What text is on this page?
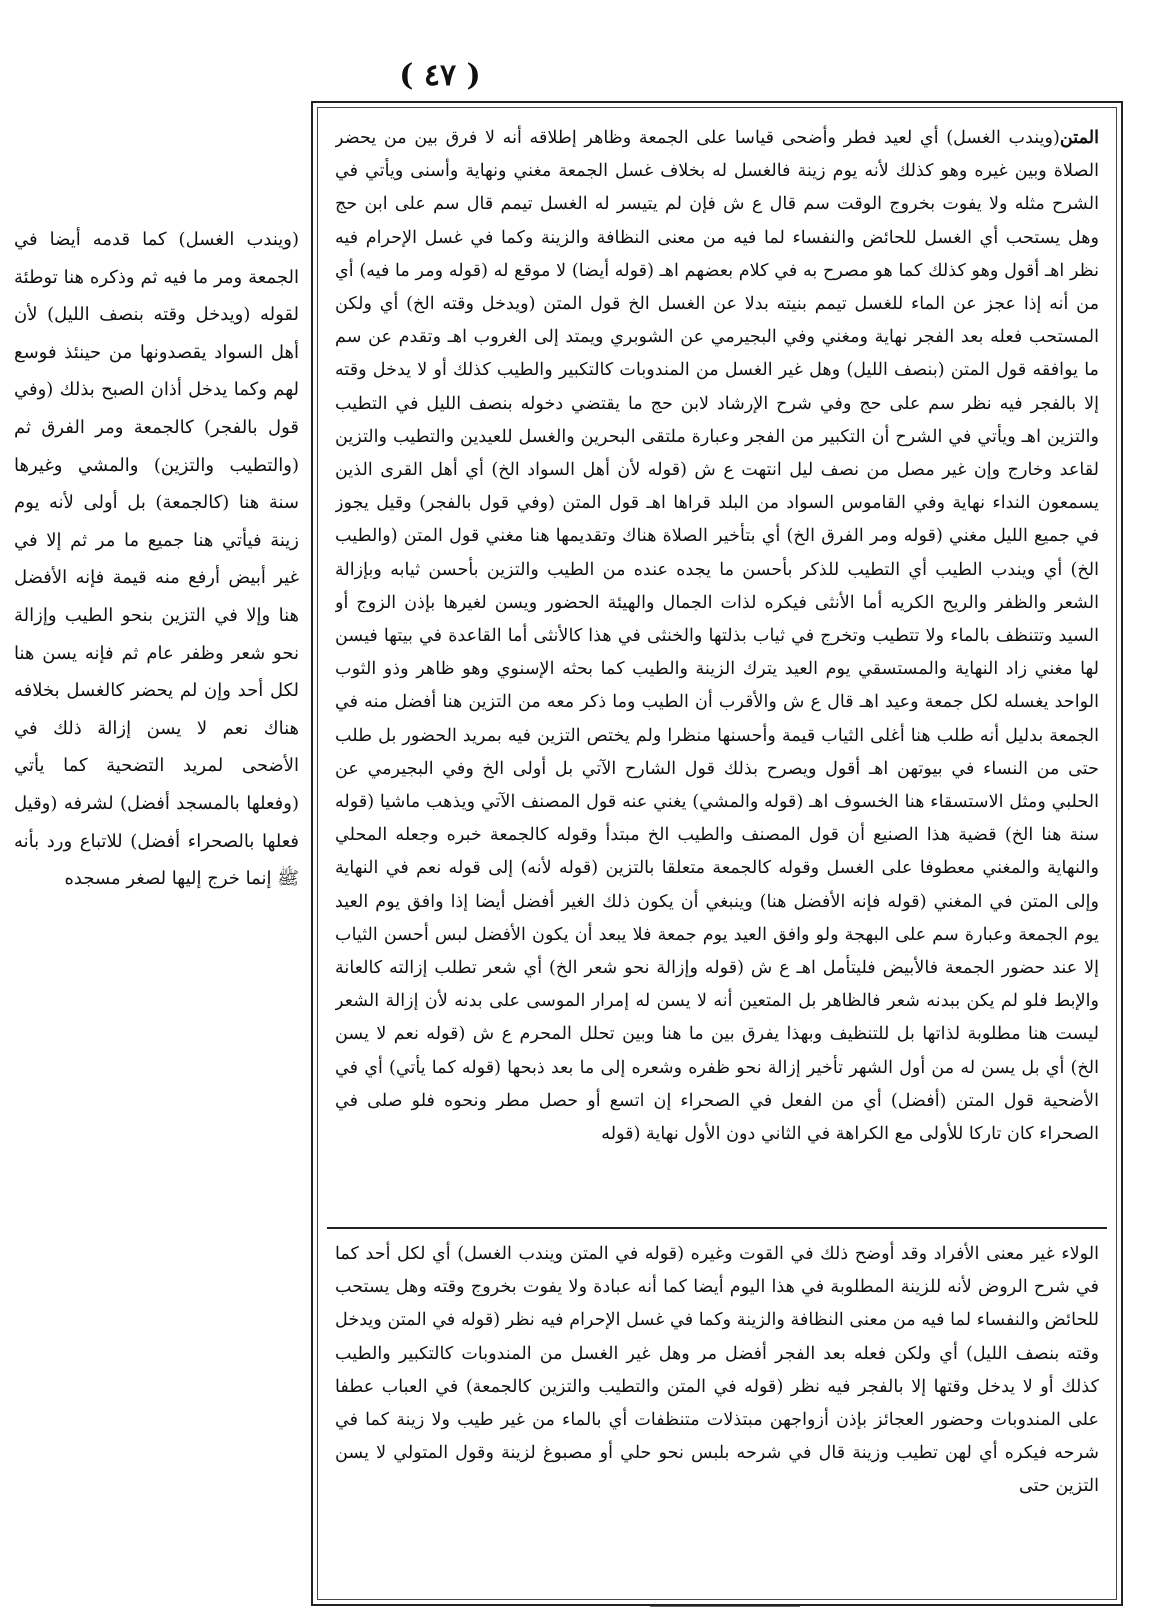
( ٤٧ )
المتن(ويندب الغسل) أي لعيد فطر وأضحى قياسا على الجمعة وظاهر إطلاقه أنه لا فرق بين من يحضر الصلاة وبين غيره وهو كذلك لأنه يوم زينة فالغسل له بخلاف غسل الجمعة مغني ونهاية وأسنى ويأتي في الشرح مثله ولا يفوت بخروج الوقت سم قال ع ش فإن لم يتيسر له الغسل تيمم قال سم على ابن حج وهل يستحب أي الغسل للحائض والنفساء لما فيه من معنى النظافة والزينة وكما في غسل الإحرام فيه نظر اهـ أقول وهو كذلك كما هو مصرح به في كلام بعضهم اهـ (قوله أيضا) لا موقع له (قوله ومر ما فيه) أي من أنه إذا عجز عن الماء للغسل تيمم بنيته بدلا عن الغسل الخ قول المتن (ويدخل وقته الخ) أي ولكن المستحب فعله بعد الفجر نهاية ومغني وفي البجيرمي عن الشوبري ويمتد إلى الغروب اهـ وتقدم عن سم ما يوافقه قول المتن (بنصف الليل) وهل غير الغسل من المندوبات كالتكبير والطيب كذلك أو لا يدخل وقته إلا بالفجر فيه نظر سم على حج وفي شرح الإرشاد لابن حج ما يقتضي دخوله بنصف الليل في التطيب والتزين اهـ ويأتي في الشرح أن التكبير من الفجر وعبارة ملتقى البحرين والغسل للعيدين والتطيب والتزين لقاعد وخارج وإن غير مصل من نصف ليل انتهت ع ش (قوله لأن أهل السواد الخ) أي أهل القرى الذين يسمعون النداء نهاية وفي القاموس السواد من البلد قراها اهـ قول المتن (وفي قول بالفجر) وقيل يجوز في جميع الليل مغني (قوله ومر الفرق الخ) أي بتأخير الصلاة هناك وتقديمها هنا مغني قول المتن (والطيب الخ) أي ويندب الطيب أي التطيب للذكر بأحسن ما يجده عنده من الطيب والتزين بأحسن ثيابه وبإزالة الشعر والظفر والريح الكريه أما الأنثى فيكره لذات الجمال والهيئة الحضور ويسن لغيرها بإذن الزوج أو السيد وتتنظف بالماء ولا تتطيب وتخرج في ثياب بذلتها والخنثى في هذا كالأنثى أما القاعدة في بيتها فيسن لها مغني زاد النهاية والمستسقي يوم العيد يترك الزينة والطيب كما بحثه الإسنوي وهو ظاهر وذو الثوب الواحد يغسله لكل جمعة وعيد اهـ قال ع ش والأقرب أن الطيب وما ذكر معه من التزين هنا أفضل منه في الجمعة بدليل أنه طلب هنا أغلى الثياب قيمة وأحسنها منظرا ولم يختص التزين فيه بمريد الحضور بل طلب حتى من النساء في بيوتهن اهـ أقول ويصرح بذلك قول الشارح الآتي بل أولى الخ وفي البجيرمي عن الحلبي ومثل الاستسقاء هنا الخسوف اهـ (قوله والمشي) يغني عنه قول المصنف الآتي ويذهب ماشيا (قوله سنة هنا الخ) قضية هذا الصنيع أن قول المصنف والطيب الخ مبتدأ وقوله كالجمعة خبره وجعله المحلي والنهاية والمغني معطوفا على الغسل وقوله كالجمعة متعلقا بالتزين (قوله لأنه) إلى قوله نعم في النهاية وإلى المتن في المغني (قوله فإنه الأفضل هنا) وينبغي أن يكون ذلك الغير أفضل أيضا إذا وافق يوم العيد يوم الجمعة وعبارة سم على البهجة ولو وافق العيد يوم جمعة فلا يبعد أن يكون الأفضل لبس أحسن الثياب إلا عند حضور الجمعة فالأبيض فليتأمل اهـ ع ش (قوله وإزالة نحو شعر الخ) أي شعر تطلب إزالته كالعانة والإبط فلو لم يكن ببدنه شعر فالظاهر بل المتعين أنه لا يسن له إمرار الموسى على بدنه لأن إزالة الشعر ليست هنا مطلوبة لذاتها بل للتنظيف وبهذا يفرق بين ما هنا وبين تحلل المحرم ع ش (قوله نعم لا يسن الخ) أي بل يسن له من أول الشهر تأخير إزالة نحو ظفره وشعره إلى ما بعد ذبحها (قوله كما يأتي) أي في الأضحية قول المتن (أفضل) أي من الفعل في الصحراء إن اتسع أو حصل مطر ونحوه فلو صلى في الصحراء كان تاركا للأولى مع الكراهة في الثاني دون الأول نهاية (قوله
الولاء غير معنى الأفراد وقد أوضح ذلك في القوت وغيره (قوله في المتن ويندب الغسل) أي لكل أحد كما في شرح الروض لأنه للزينة المطلوبة في هذا اليوم أيضا كما أنه عبادة ولا يفوت بخروج وقته وهل يستحب للحائض والنفساء لما فيه من معنى النظافة والزينة وكما في غسل الإحرام فيه نظر (قوله في المتن ويدخل وقته بنصف الليل) أي ولكن فعله بعد الفجر أفضل مر وهل غير الغسل من المندوبات كالتكبير والطيب كذلك أو لا يدخل وقتها إلا بالفجر فيه نظر (قوله في المتن والتطيب والتزين كالجمعة) في العباب عطفا على المندوبات وحضور العجائز بإذن أزواجهن مبتذلات متنظفات أي بالماء من غير طيب ولا زينة كما في شرحه فيكره أي لهن تطيب وزينة قال في شرحه بلبس نحو حلي أو مصبوغ لزينة وقول المتولي لا يسن التزين حتى
(ويندب الغسل) كما قدمه أيضا في الجمعة ومر ما فيه ثم وذكره هنا توطئة لقوله (ويدخل وقته بنصف الليل) لأن أهل السواد يقصدونها من حينئذ فوسع لهم وكما يدخل أذان الصبح بذلك (وفي قول بالفجر) كالجمعة ومر الفرق ثم (والتطيب والتزين) والمشي وغيرها سنة هنا (كالجمعة) بل أولى لأنه يوم زينة فيأتي هنا جميع ما مر ثم إلا في غير أبيض أرفع منه قيمة فإنه الأفضل هنا وإلا في التزين بنحو الطيب وإزالة نحو شعر وظفر عام ثم فإنه يسن هنا لكل أحد وإن لم يحضر كالغسل بخلافه هناك نعم لا يسن إزالة ذلك في الأضحى لمريد التضحية كما يأتي (وفعلها بالمسجد أفضل) لشرفه (وقيل فعلها بالصحراء أفضل) للاتباع ورد بأنه ﷺ إنما خرج إليها لصغر مسجده
